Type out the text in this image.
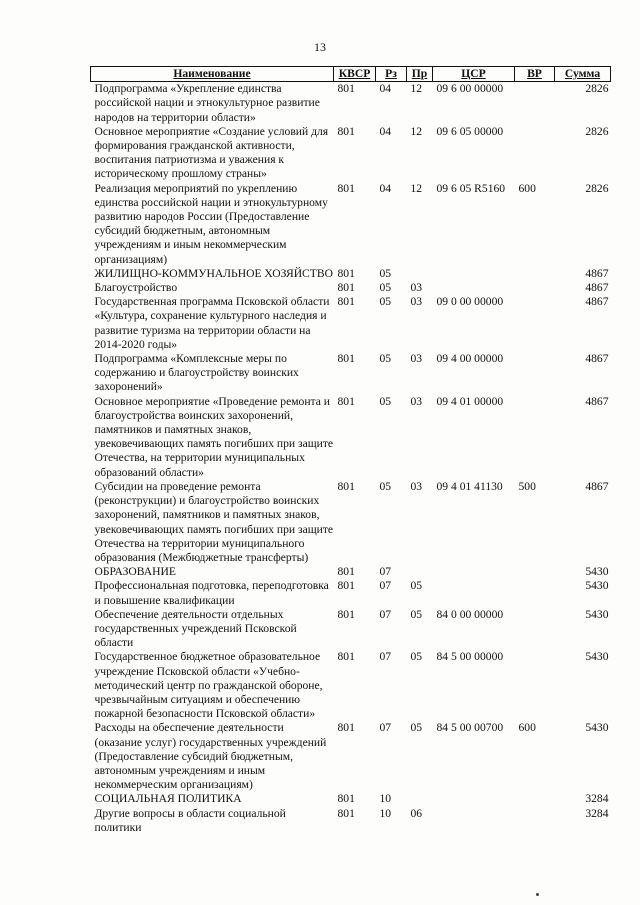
13
Наименование	КВСР	Рз	Пр	ЦСР	ВР	Сумма
Подпрограмма «Укрепление единства российской нации и этнокультурное развитие народов на территории области»	801	04	12	09 6 00 00000		2826
Основное мероприятие «Создание условий для формирования гражданской активности, воспитания патриотизма и уважения к историческому прошлому страны»	801	04	12	09 6 05 00000		2826
Реализация мероприятий по укреплению единства российской нации и этнокультурному развитию народов России (Предоставление субсидий бюджетным, автономным учреждениям и иным некоммерческим организациям)	801	04	12	09 6 05 R5160	600	2826
ЖИЛИЩНО-КОММУНАЛЬНОЕ ХОЗЯЙСТВО	801	05				4867
Благоустройство	801	05	03			4867
Государственная программа Псковской области «Культура, сохранение культурного наследия и развитие туризма на территории области на 2014-2020 годы»	801	05	03	09 0 00 00000		4867
Подпрограмма «Комплексные меры по содержанию и благоустройству воинских захоронений»	801	05	03	09 4 00 00000		4867
Основное мероприятие «Проведение ремонта и благоустройства воинских захоронений, памятников и памятных знаков, увековечивающих память погибших при защите Отечества, на территории муниципальных образований области»	801	05	03	09 4 01 00000		4867
Субсидии на проведение ремонта (реконструкции) и благоустройство воинских захоронений, памятников и памятных знаков, увековечивающих память погибших при защите Отечества на территории муниципального образования (Межбюджетные трансферты)	801	05	03	09 4 01 41130	500	4867
ОБРАЗОВАНИЕ	801	07				5430
Профессиональная подготовка, переподготовка и повышение квалификации	801	07	05			5430
Обеспечение деятельности отдельных государственных учреждений Псковской области	801	07	05	84 0 00 00000		5430
Государственное бюджетное образовательное учреждение Псковской области «Учебно-методический центр по гражданской обороне, чрезвычайным ситуациям и обеспечению пожарной безопасности Псковской области»	801	07	05	84 5 00 00000		5430
Расходы на обеспечение деятельности (оказание услуг) государственных учреждений (Предоставление субсидий бюджетным, автономным учреждениям и иным некоммерческим организациям)	801	07	05	84 5 00 00700	600	5430
СОЦИАЛЬНАЯ ПОЛИТИКА	801	10				3284
Другие вопросы в области социальной политики	801	10	06			3284
